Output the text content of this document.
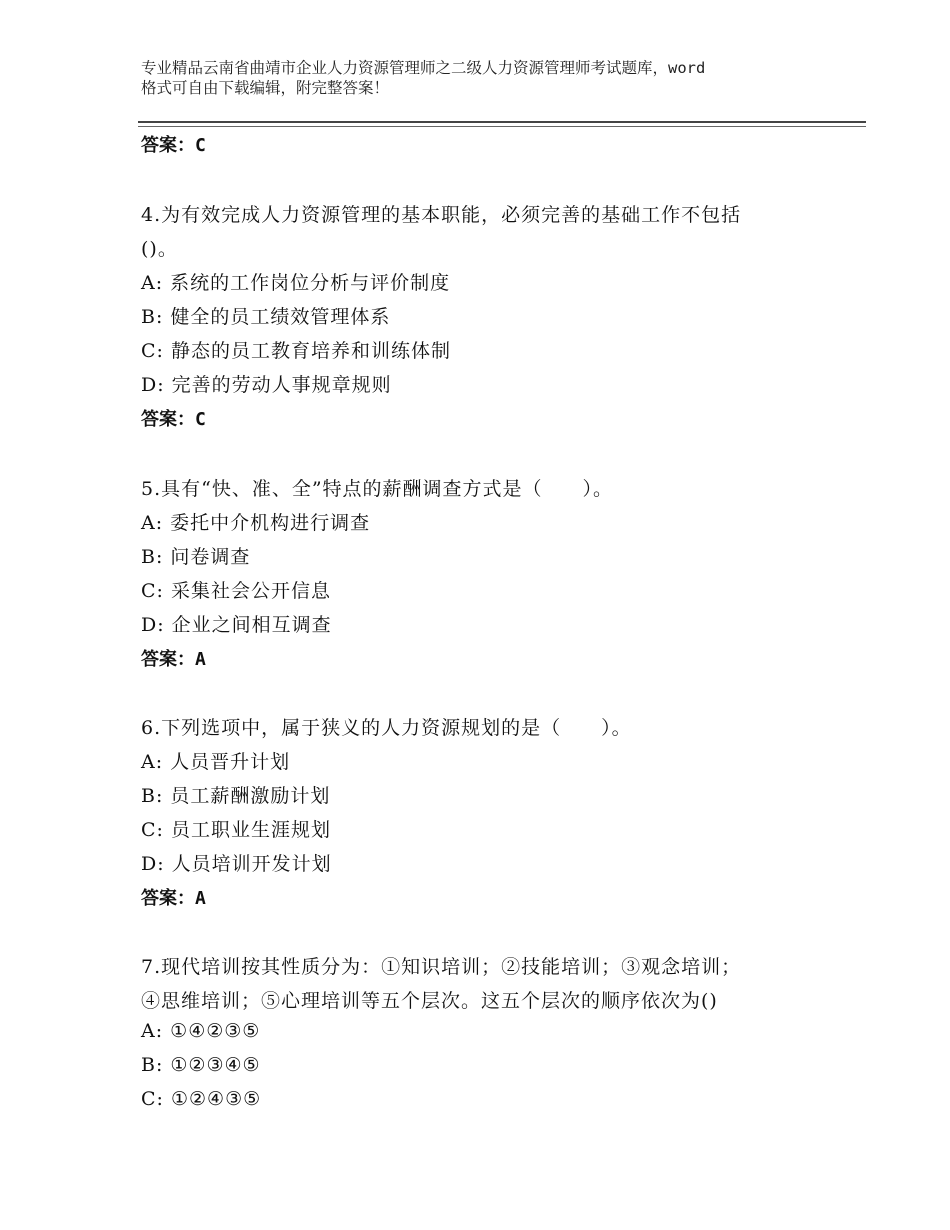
专业精品云南省曲靖市企业人力资源管理师之二级人力资源管理师考试题库，word
格式可自由下载编辑，附完整答案！
答案：C
4.为有效完成人力资源管理的基本职能，必须完善的基础工作不包括
()。
A: 系统的工作岗位分析与评价制度
B: 健全的员工绩效管理体系
C: 静态的员工教育培养和训练体制
D: 完善的劳动人事规章规则
答案：C
5.具有“快、准、全”特点的薪酬调查方式是（　　）。
A: 委托中介机构进行调查
B: 问卷调查
C: 采集社会公开信息
D: 企业之间相互调查
答案：A
6.下列选项中，属于狭义的人力资源规划的是（　　）。
A: 人员晋升计划
B: 员工薪酬激励计划
C: 员工职业生涯规划
D: 人员培训开发计划
答案：A
7.现代培训按其性质分为：①知识培训；②技能培训；③观念培训；
④思维培训；⑤心理培训等五个层次。这五个层次的顺序依次为()
A: ①④②③⑤
B: ①②③④⑤
C: ①②④③⑤
